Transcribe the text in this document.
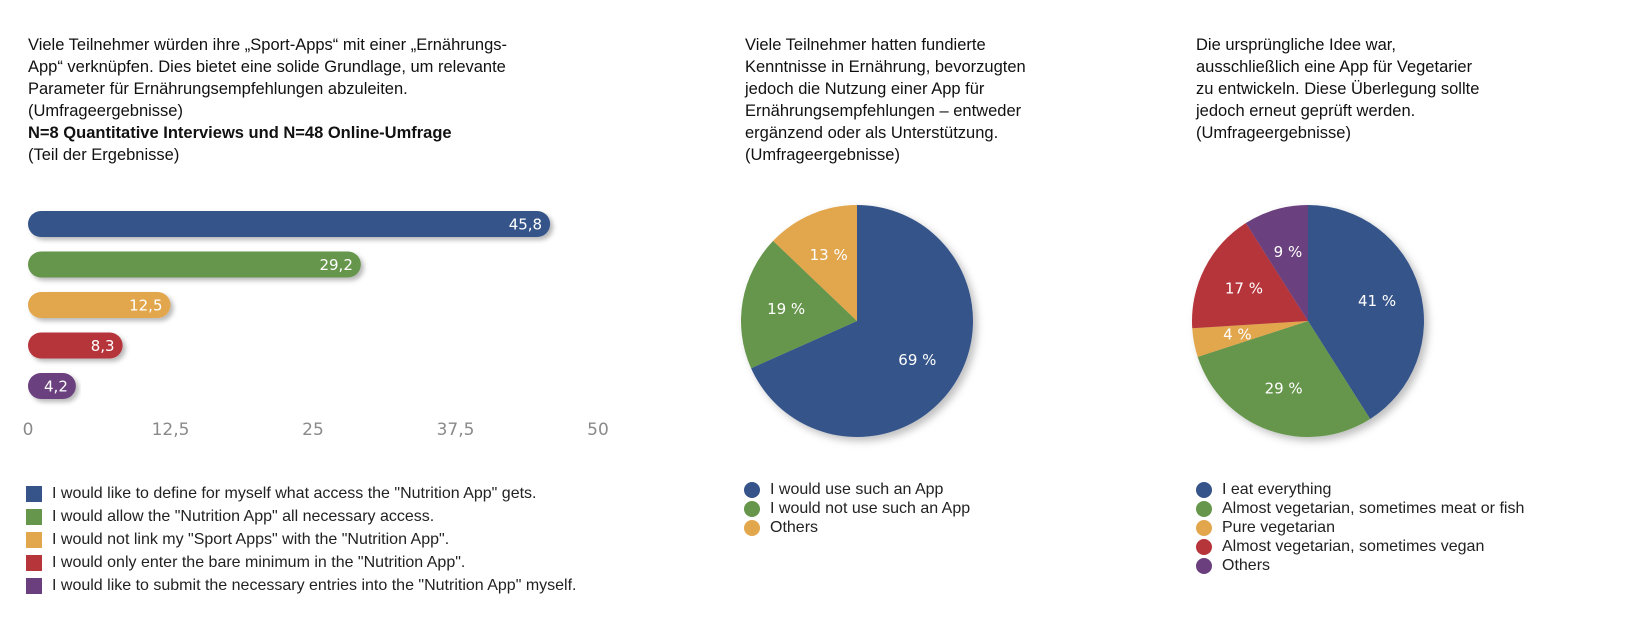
Viele Teilnehmer würden ihre „Sport-Apps“ mit einer „Ernährungs-

App“ verknüpfen. Dies bietet eine solide Grundlage, um relevante

Parameter für Ernährungsempfehlungen abzuleiten.

(Umfrageergebnisse)

N=8 Quantitative Interviews und N=48 Online-Umfrage

(Teil der Ergebnisse)

45,8
29,2
12,5
8,3
4,2
0	12,5	25	37,5	50
I would like to define for myself what access the "Nutrition App" gets.
I would allow the "Nutrition App" all necessary access.
I would not link my "Sport Apps" with the "Nutrition App".
I would only enter the bare minimum in the "Nutrition App".
I would like to submit the necessary entries into the "Nutrition App" myself.

Viele Teilnehmer hatten fundierte

Kenntnisse in Ernährung, bevorzugten

jedoch die Nutzung einer App für

Ernährungsempfehlungen – entweder

ergänzend oder als Unterstützung.

(Umfrageergebnisse)

69 %
19 %
13 %
I would use such an App
I would not use such an App
Others

Die ursprüngliche Idee war,

ausschließlich eine App für Vegetarier

zu entwickeln. Diese Überlegung sollte

jedoch erneut geprüft werden.

(Umfrageergebnisse)

41 %
29 %
4 %
17 %
9 %
I eat everything
Almost vegetarian, sometimes meat or fish
Pure vegetarian
Almost vegetarian, sometimes vegan
Others
